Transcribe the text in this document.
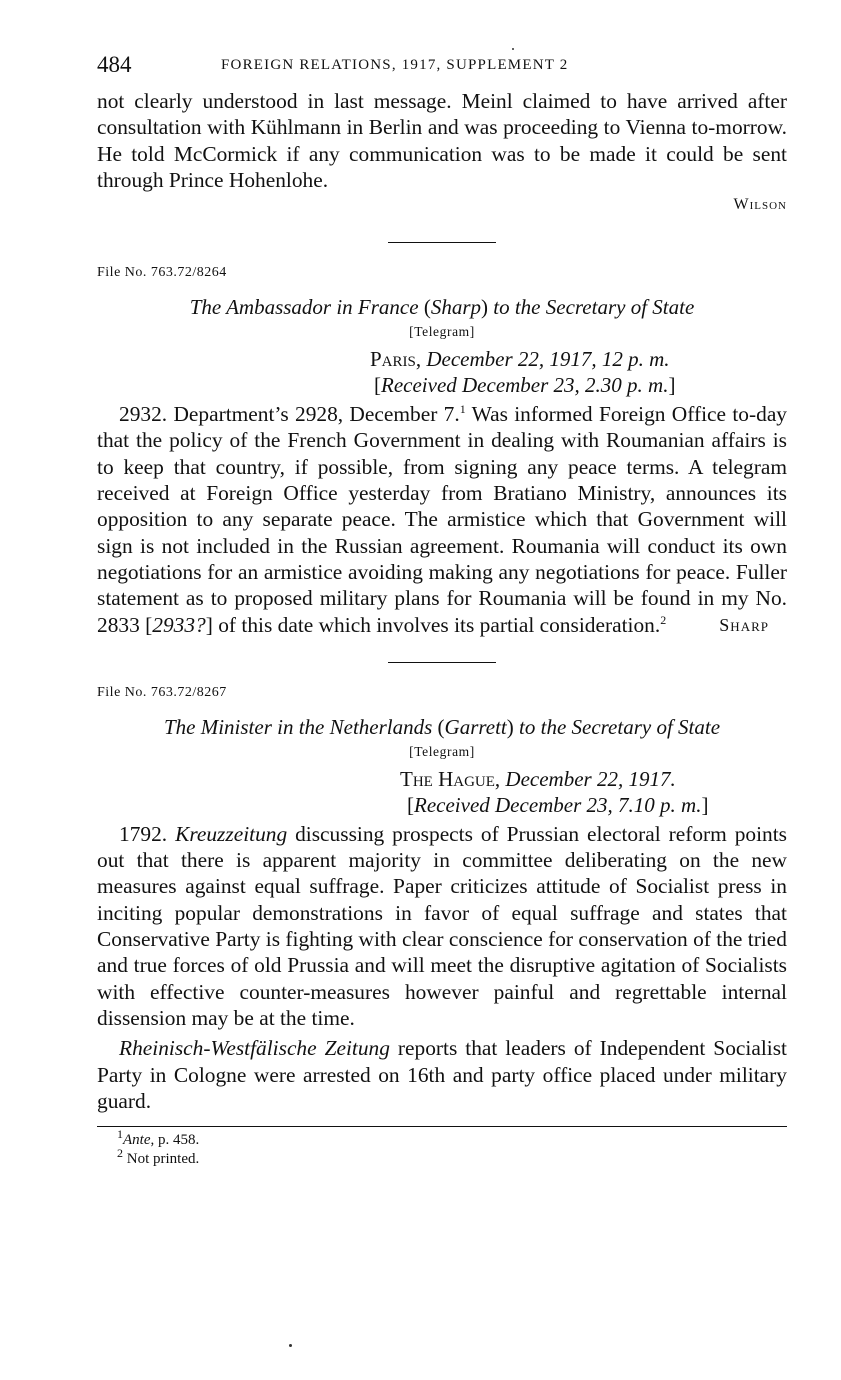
484	FOREIGN RELATIONS, 1917, SUPPLEMENT 2

not clearly understood in last message. Meinl claimed to have arrived after consultation with Kühlmann in Berlin and was proceeding to Vienna to-morrow. He told McCormick if any communication was to be made it could be sent through Prince Hohenlohe.

Wilson
File No. 763.72/8264
The Ambassador in France (Sharp) to the Secretary of State
[Telegram]
Paris, December 22, 1917, 12 p. m.
[Received December 23, 2.30 p. m.]

2932. Department’s 2928, December 7.$^1$ Was informed Foreign Office to-day that the policy of the French Government in dealing with Roumanian affairs is to keep that country, if possible, from signing any peace terms. A telegram received at Foreign Office yesterday from Bratiano Ministry, announces its opposition to any separate peace. The armistice which that Government will sign is not included in the Russian agreement. Roumania will conduct its own negotiations for an armistice avoiding making any negotiations for peace. Fuller statement as to proposed military plans for Roumania will be found in my No. 2833 [2933?] of this date which involves its partial consideration.$^2$	Sharp

File No. 763.72/8267
The Minister in the Netherlands (Garrett) to the Secretary of State
[Telegram]
The Hague, December 22, 1917.
[Received December 23, 7.10 p. m.]

1792. Kreuzzeitung discussing prospects of Prussian electoral reform points out that there is apparent majority in committee deliberating on the new measures against equal suffrage. Paper criticizes attitude of Socialist press in inciting popular demonstrations in favor of equal suffrage and states that Conservative Party is fighting with clear conscience for conservation of the tried and true forces of old Prussia and will meet the disruptive agitation of Socialists with effective counter-measures however painful and regrettable internal dissension may be at the time.

Rheinisch-Westfälische Zeitung reports that leaders of Independent Socialist Party in Cologne were arrested on 16th and party office placed under military guard.

$^1$Ante, p. 458.
$^2$ Not printed.
